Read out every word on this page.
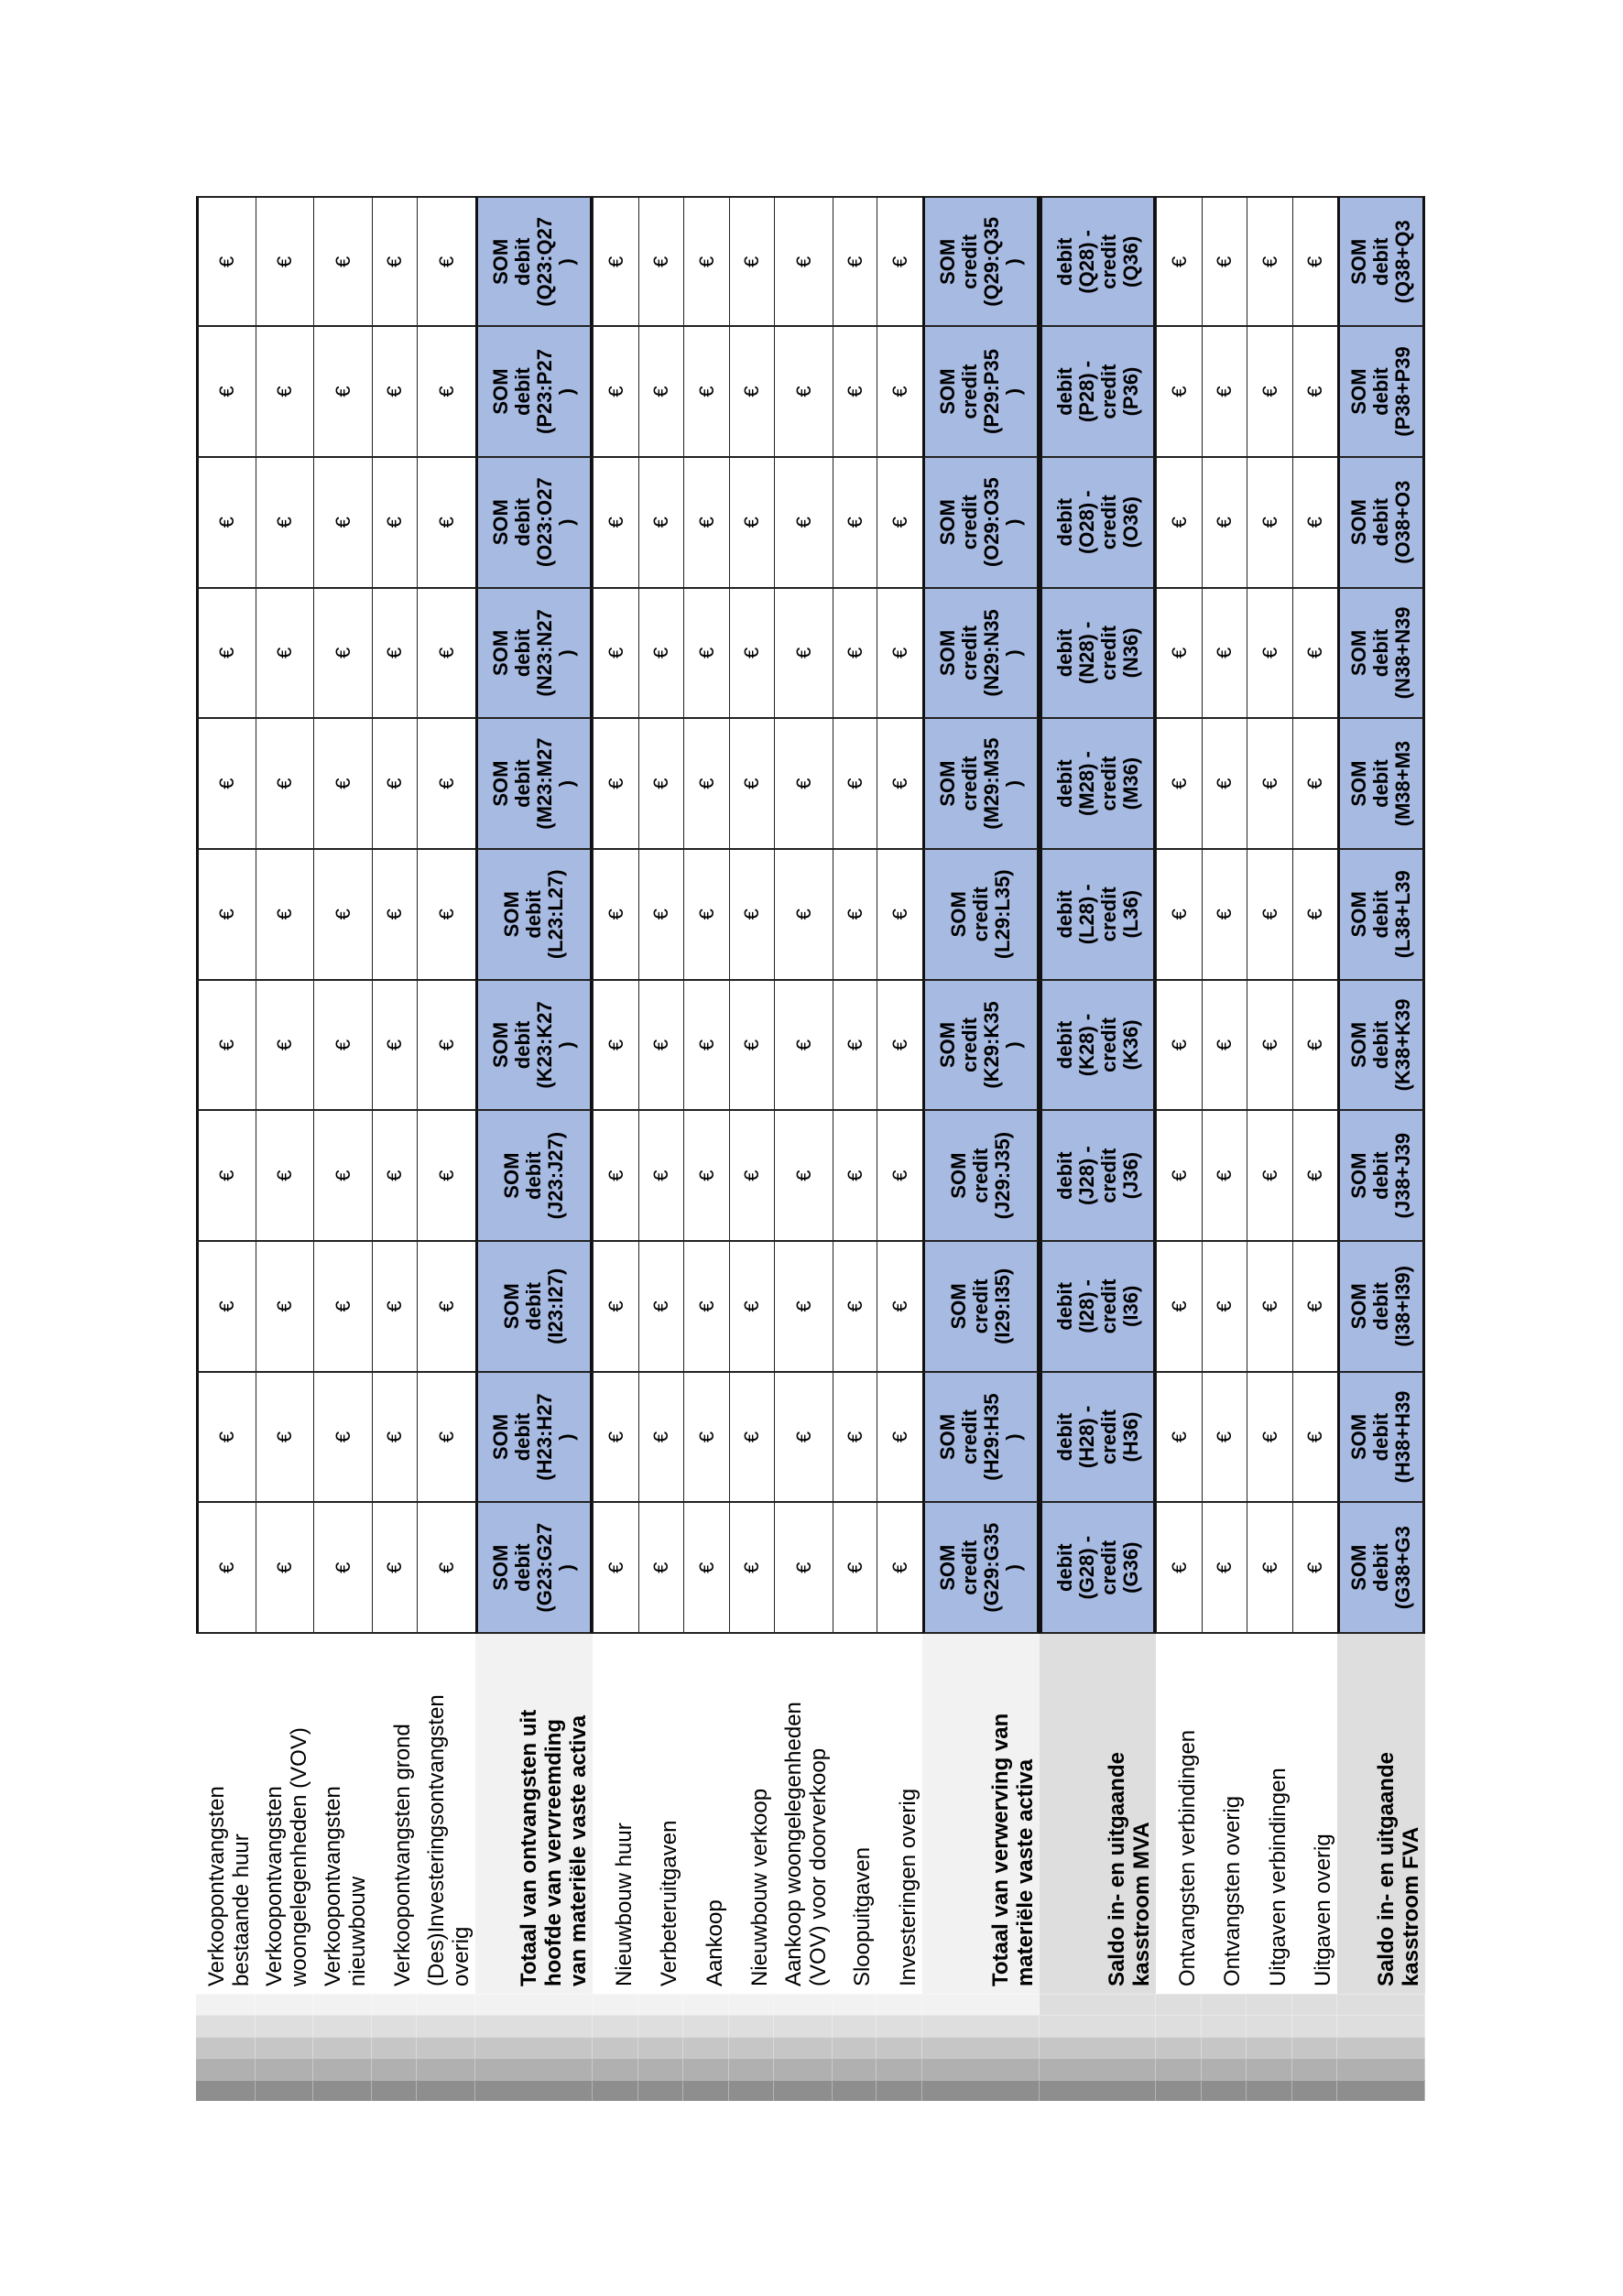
Verkoopontvangsten
bestaande huur
€
€
€
€
€
€
€
€
€
€
€
Verkoopontvangsten
woongelegenheden (VOV)
€
€
€
€
€
€
€
€
€
€
€
Verkoopontvangsten
nieuwbouw
€
€
€
€
€
€
€
€
€
€
€
Verkoopontvangsten grond
€
€
€
€
€
€
€
€
€
€
€
(Des)Investeringsontvangsten
overig
€
€
€
€
€
€
€
€
€
€
€
Totaal van ontvangsten uit
hoofde van vervreemding
van materiële vaste activa
SOM
debit
(G23:G27
)
SOM
debit
(H23:H27
)
SOM
debit
(I23:I27)
SOM
debit
(J23:J27)
SOM
debit
(K23:K27
)
SOM
debit
(L23:L27)
SOM
debit
(M23:M27
)
SOM
debit
(N23:N27
)
SOM
debit
(O23:O27
)
SOM
debit
(P23:P27
)
SOM
debit
(Q23:Q27
)
Nieuwbouw huur
€
€
€
€
€
€
€
€
€
€
€
Verbeteruitgaven
€
€
€
€
€
€
€
€
€
€
€
Aankoop
€
€
€
€
€
€
€
€
€
€
€
Nieuwbouw verkoop
€
€
€
€
€
€
€
€
€
€
€
Aankoop woongelegenheden
(VOV) voor doorverkoop
€
€
€
€
€
€
€
€
€
€
€
Sloopuitgaven
€
€
€
€
€
€
€
€
€
€
€
Investeringen overig
€
€
€
€
€
€
€
€
€
€
€
Totaal van verwerving van
materiële vaste activa
SOM
credit
(G29:G35
)
SOM
credit
(H29:H35
)
SOM
credit
(I29:I35)
SOM
credit
(J29:J35)
SOM
credit
(K29:K35
)
SOM
credit
(L29:L35)
SOM
credit
(M29:M35
)
SOM
credit
(N29:N35
)
SOM
credit
(O29:O35
)
SOM
credit
(P29:P35
)
SOM
credit
(Q29:Q35
)
Saldo in- en uitgaande
kasstroom MVA
debit
(G28) -
credit
(G36)
debit
(H28) -
credit
(H36)
debit
(I28) -
credit
(I36)
debit
(J28) -
credit
(J36)
debit
(K28) -
credit
(K36)
debit
(L28) -
credit
(L36)
debit
(M28) -
credit
(M36)
debit
(N28) -
credit
(N36)
debit
(O28) -
credit
(O36)
debit
(P28) -
credit
(P36)
debit
(Q28) -
credit
(Q36)
Ontvangsten verbindingen
€
€
€
€
€
€
€
€
€
€
€
Ontvangsten overig
€
€
€
€
€
€
€
€
€
€
€
Uitgaven verbindingen
€
€
€
€
€
€
€
€
€
€
€
Uitgaven overig
€
€
€
€
€
€
€
€
€
€
€
Saldo in- en uitgaande
kasstroom FVA
SOM
debit
(G38+G3
SOM
debit
(H38+H39
SOM
debit
(I38+I39)
SOM
debit
(J38+J39
SOM
debit
(K38+K39
SOM
debit
(L38+L39
SOM
debit
(M38+M3
SOM
debit
(N38+N39
SOM
debit
(O38+O3
SOM
debit
(P38+P39
SOM
debit
(Q38+Q3
